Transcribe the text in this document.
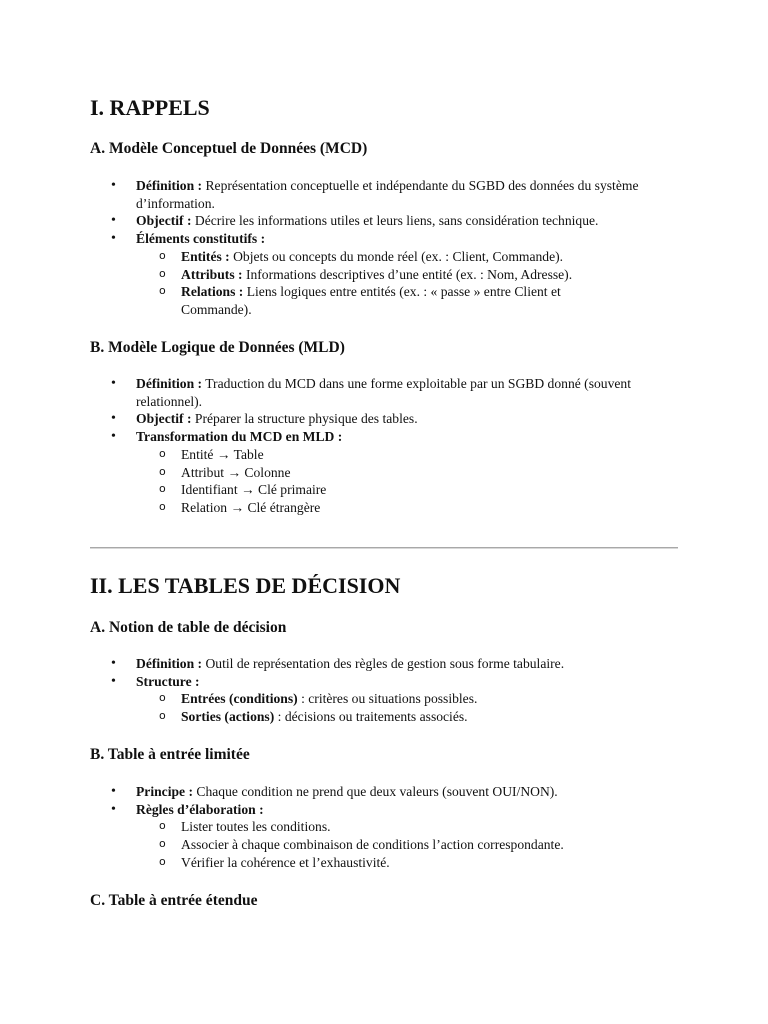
I. RAPPELS
A. Modèle Conceptuel de Données (MCD)
• Définition : Représentation conceptuelle et indépendante du SGBD des données du système d’information.
• Objectif : Décrire les informations utiles et leurs liens, sans considération technique.
• Éléments constitutifs :
o Entités : Objets ou concepts du monde réel (ex. : Client, Commande).
o Attributs : Informations descriptives d’une entité (ex. : Nom, Adresse).
o Relations : Liens logiques entre entités (ex. : « passe » entre Client et Commande).
B. Modèle Logique de Données (MLD)
• Définition : Traduction du MCD dans une forme exploitable par un SGBD donné (souvent relationnel).
• Objectif : Préparer la structure physique des tables.
• Transformation du MCD en MLD :
o Entité → Table
o Attribut → Colonne
o Identifiant → Clé primaire
o Relation → Clé étrangère
II. LES TABLES DE DÉCISION
A. Notion de table de décision
• Définition : Outil de représentation des règles de gestion sous forme tabulaire.
• Structure :
o Entrées (conditions) : critères ou situations possibles.
o Sorties (actions) : décisions ou traitements associés.
B. Table à entrée limitée
• Principe : Chaque condition ne prend que deux valeurs (souvent OUI/NON).
• Règles d’élaboration :
o Lister toutes les conditions.
o Associer à chaque combinaison de conditions l’action correspondante.
o Vérifier la cohérence et l’exhaustivité.
C. Table à entrée étendue
